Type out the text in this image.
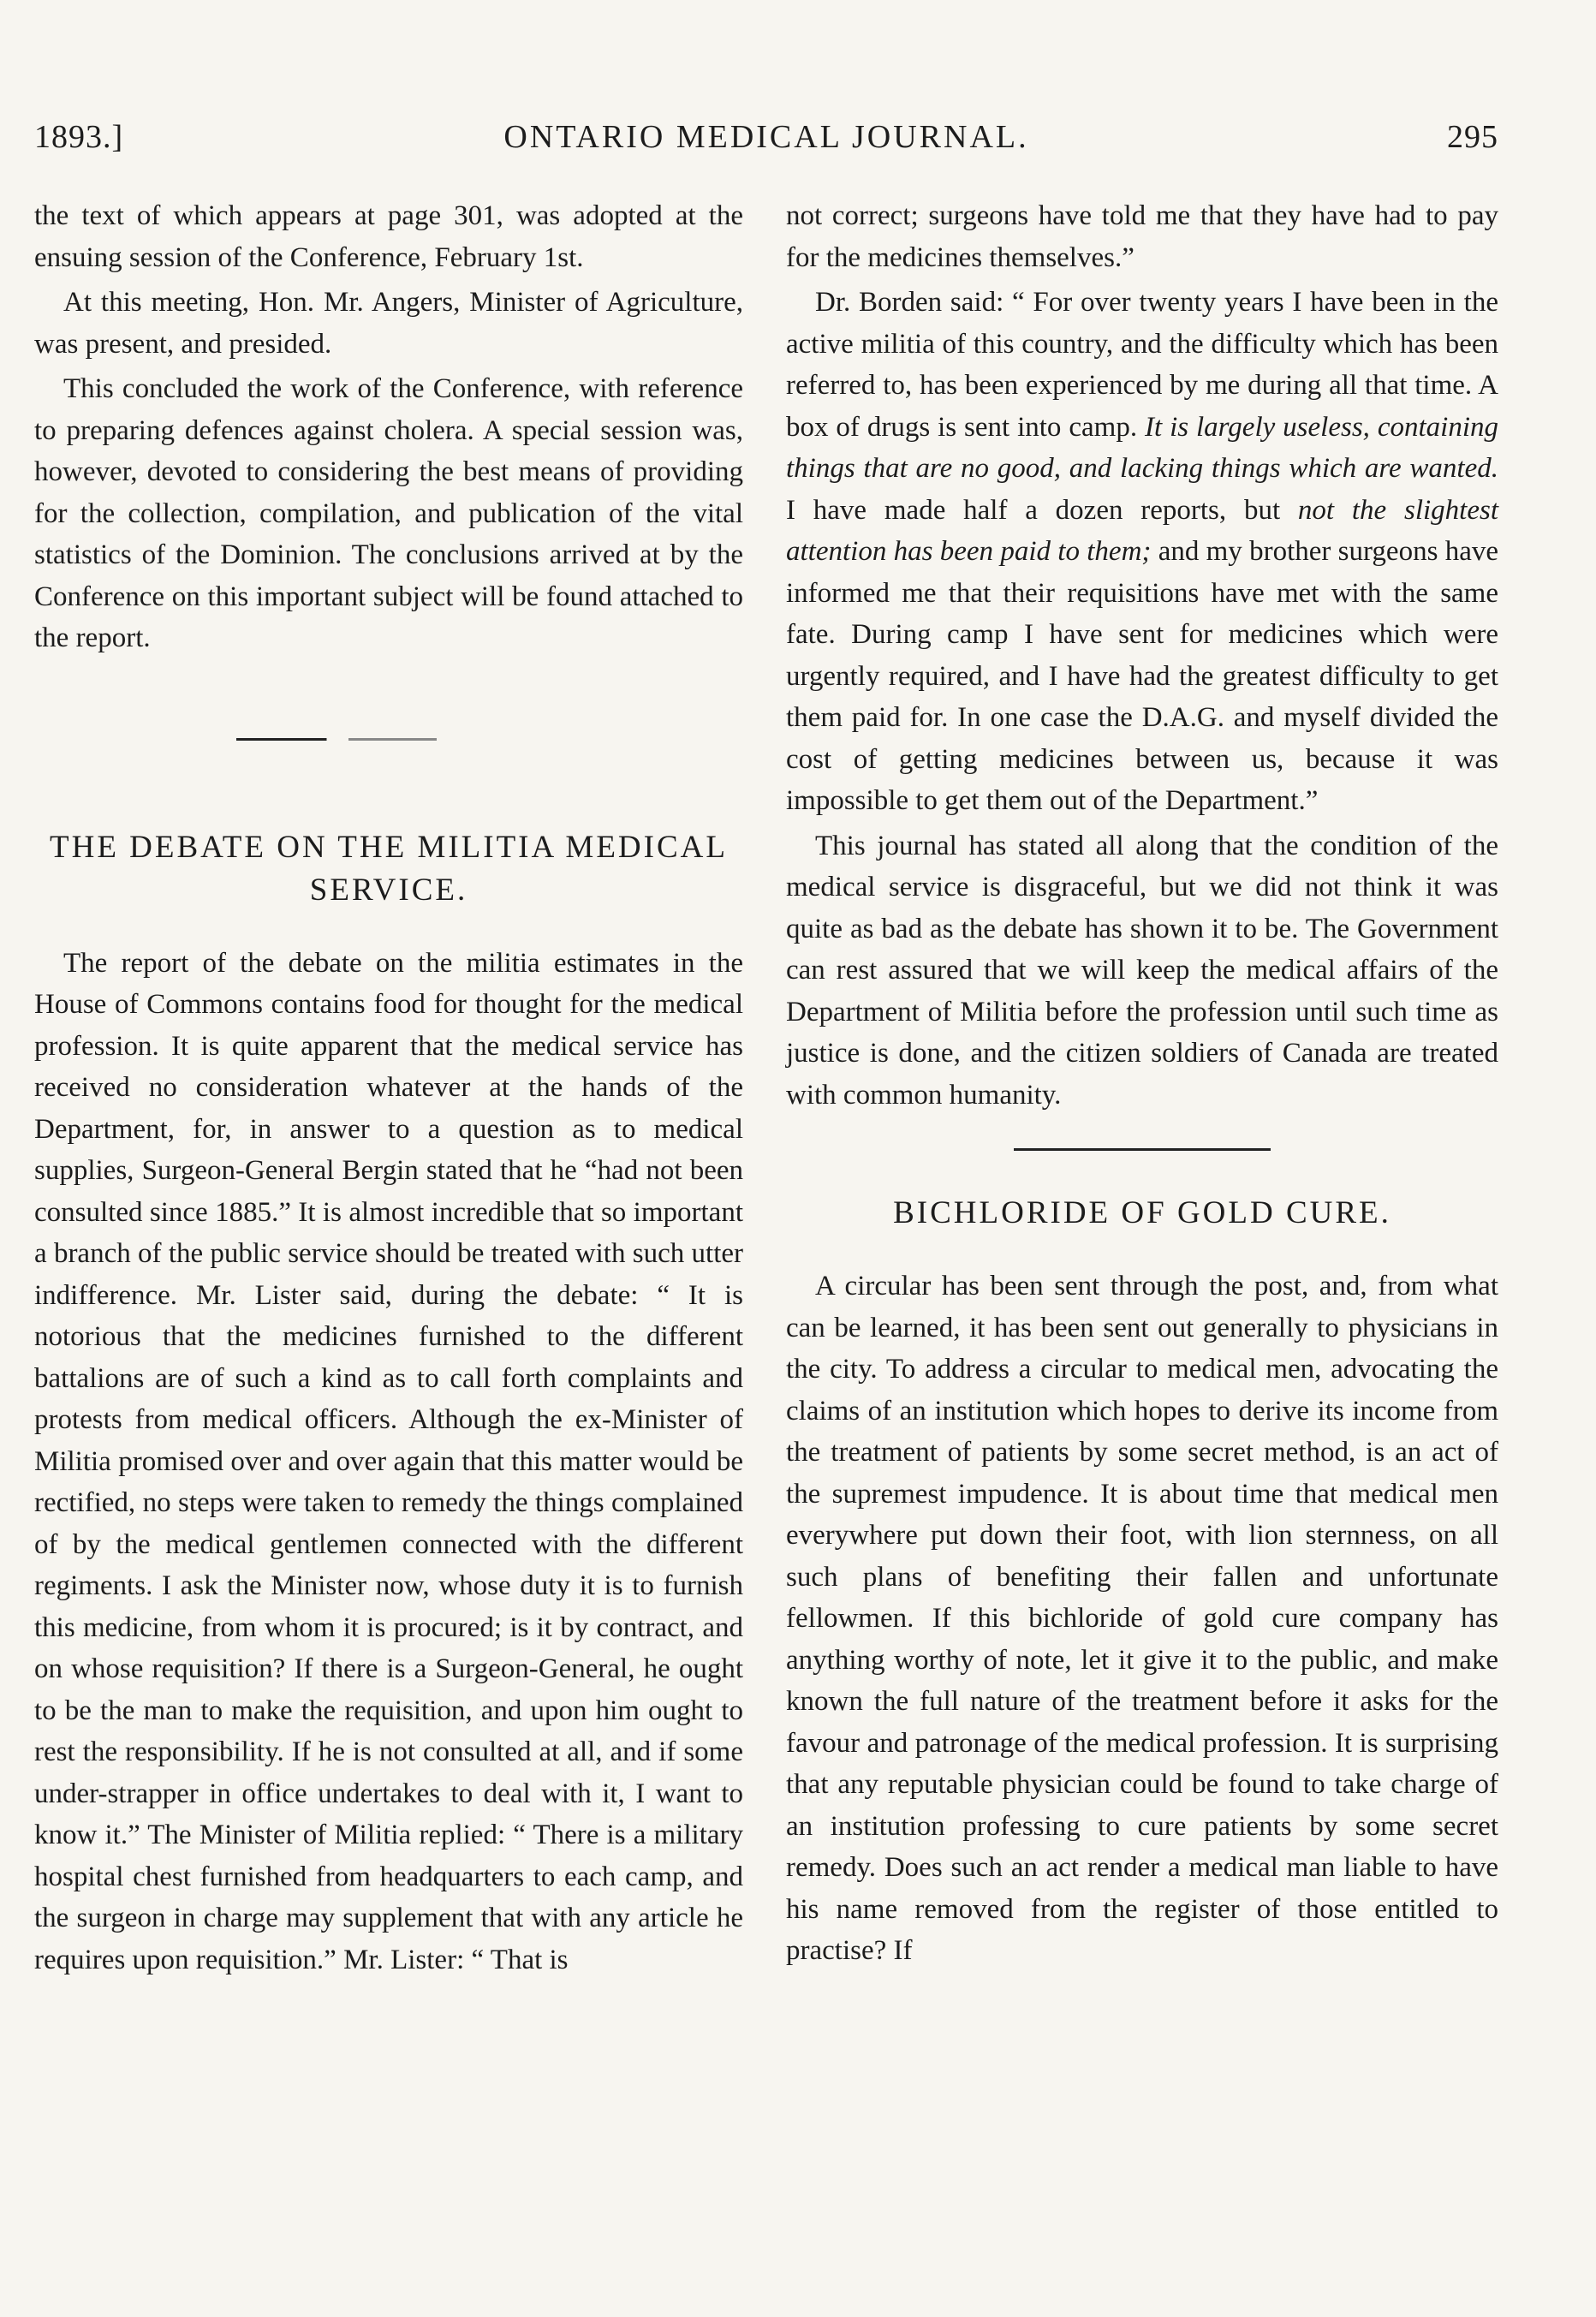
1893.]	ONTARIO MEDICAL JOURNAL.	295

the text of which appears at page 301, was adopted at the ensuing session of the Conference, February 1st.

At this meeting, Hon. Mr. Angers, Minister of Agriculture, was present, and presided.

This concluded the work of the Conference, with reference to preparing defences against cholera. A special session was, however, devoted to considering the best means of providing for the collection, compilation, and publication of the vital statistics of the Dominion. The conclusions arrived at by the Conference on this important subject will be found attached to the report.

THE DEBATE ON THE MILITIA MEDICAL SERVICE.

The report of the debate on the militia estimates in the House of Commons contains food for thought for the medical profession. It is quite apparent that the medical service has received no consideration whatever at the hands of the Department, for, in answer to a question as to medical supplies, Surgeon-General Bergin stated that he “had not been consulted since 1885.” It is almost incredible that so important a branch of the public service should be treated with such utter indifference. Mr. Lister said, during the debate: “ It is notorious that the medicines furnished to the different battalions are of such a kind as to call forth complaints and protests from medical officers. Although the ex-Minister of Militia promised over and over again that this matter would be rectified, no steps were taken to remedy the things complained of by the medical gentlemen connected with the different regiments. I ask the Minister now, whose duty it is to furnish this medicine, from whom it is procured; is it by contract, and on whose requisition? If there is a Surgeon-General, he ought to be the man to make the requisition, and upon him ought to rest the responsibility. If he is not consulted at all, and if some under-strapper in office undertakes to deal with it, I want to know it.” The Minister of Militia replied: “ There is a military hospital chest furnished from headquarters to each camp, and the surgeon in charge may supplement that with any article he requires upon requisition.” Mr. Lister: “ That is

not correct; surgeons have told me that they have had to pay for the medicines themselves.”

Dr. Borden said: “ For over twenty years I have been in the active militia of this country, and the difficulty which has been referred to, has been experienced by me during all that time. A box of drugs is sent into camp. It is largely useless, containing things that are no good, and lacking things which are wanted. I have made half a dozen reports, but not the slightest attention has been paid to them; and my brother surgeons have informed me that their requisitions have met with the same fate. During camp I have sent for medicines which were urgently required, and I have had the greatest difficulty to get them paid for. In one case the D.A.G. and myself divided the cost of getting medicines between us, because it was impossible to get them out of the Department.”

This journal has stated all along that the condition of the medical service is disgraceful, but we did not think it was quite as bad as the debate has shown it to be. The Government can rest assured that we will keep the medical affairs of the Department of Militia before the profession until such time as justice is done, and the citizen soldiers of Canada are treated with common humanity.

BICHLORIDE OF GOLD CURE.

A circular has been sent through the post, and, from what can be learned, it has been sent out generally to physicians in the city. To address a circular to medical men, advocating the claims of an institution which hopes to derive its income from the treatment of patients by some secret method, is an act of the supremest impudence. It is about time that medical men everywhere put down their foot, with lion sternness, on all such plans of benefiting their fallen and unfortunate fellowmen. If this bichloride of gold cure company has anything worthy of note, let it give it to the public, and make known the full nature of the treatment before it asks for the favour and patronage of the medical profession. It is surprising that any reputable physician could be found to take charge of an institution professing to cure patients by some secret remedy. Does such an act render a medical man liable to have his name removed from the register of those entitled to practise? If
